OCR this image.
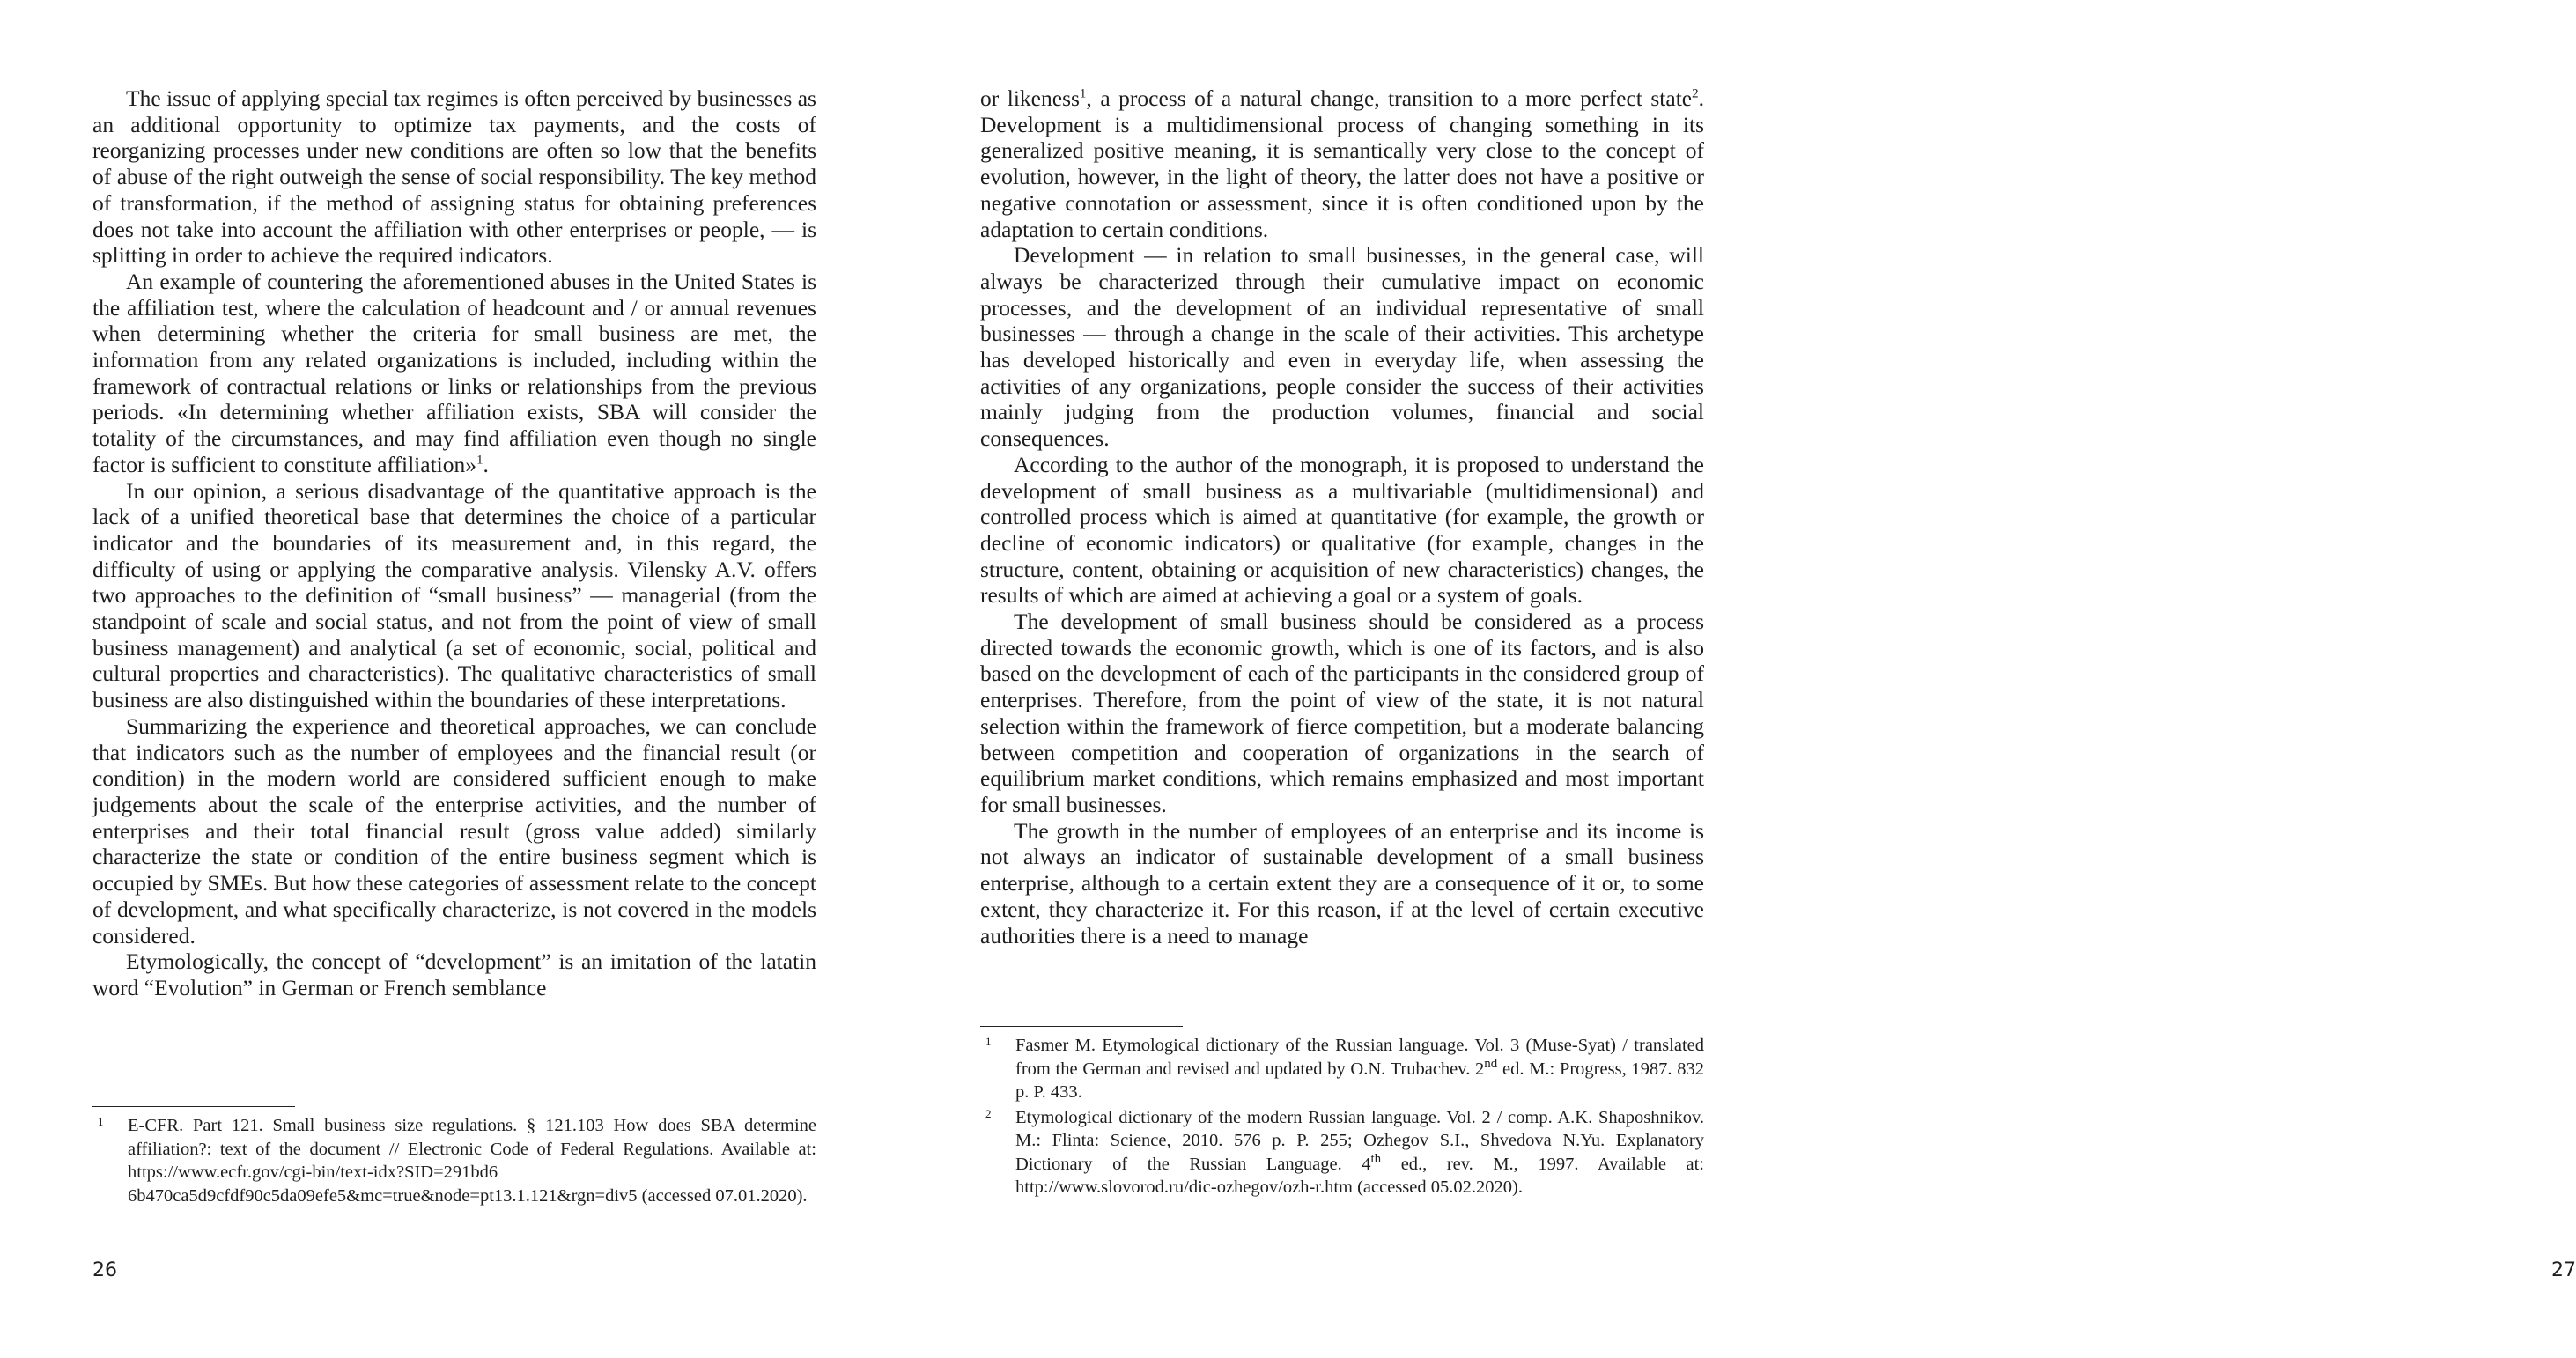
The issue of applying special tax regimes is often perceived by businesses as an additional opportunity to optimize tax payments, and the costs of reorganizing processes under new conditions are often so low that the benefits of abuse of the right outweigh the sense of social responsibility. The key method of transformation, if the method of assigning status for obtaining preferences does not take into account the affiliation with other enterprises or people, — is splitting in order to achieve the required indicators.

An example of countering the aforementioned abuses in the United States is the affiliation test, where the calculation of headcount and / or annual revenues when determining whether the criteria for small business are met, the information from any related organizations is included, including within the framework of contractual relations or links or relationships from the previous periods. «In determining whether affiliation exists, SBA will consider the totality of the circumstances, and may find affiliation even though no single factor is sufficient to constitute affiliation»$^1$.

In our opinion, a serious disadvantage of the quantitative approach is the lack of a unified theoretical base that determines the choice of a particular indicator and the boundaries of its measurement and, in this regard, the difficulty of using or applying the comparative analysis. Vilensky A.V. offers two approaches to the definition of “small business” — managerial (from the standpoint of scale and social status, and not from the point of view of small business management) and analytical (a set of economic, social, political and cultural properties and characteristics). The qualitative characteristics of small business are also distinguished within the boundaries of these interpretations.

Summarizing the experience and theoretical approaches, we can conclude that indicators such as the number of employees and the financial result (or condition) in the modern world are considered sufficient enough to make judgements about the scale of the enterprise activities, and the number of enterprises and their total financial result (gross value added) similarly characterize the state or condition of the entire business segment which is occupied by SMEs. But how these categories of assessment relate to the concept of development, and what specifically characterize, is not covered in the models considered.

Etymologically, the concept of “development” is an imitation of the latatin word “Evolution” in German or French semblance

1 E-CFR. Part 121. Small business size regulations. § 121.103 How does SBA determine affiliation?: text of the document // Electronic Code of Federal Regulations. Available at: https://www.ecfr.gov/cgi-bin/text-idx?SID=291bd6 6b470ca5d9cfdf90c5da09efe5&mc=true&node=pt13.1.121&rgn=div5 (accessed 07.01.2020).
26

or likeness$^1$, a process of a natural change, transition to a more perfect state$^2$. Development is a multidimensional process of changing something in its generalized positive meaning, it is semantically very close to the concept of evolution, however, in the light of theory, the latter does not have a positive or negative connotation or assessment, since it is often conditioned upon by the adaptation to certain conditions.

Development — in relation to small businesses, in the general case, will always be characterized through their cumulative impact on economic processes, and the development of an individual representative of small businesses — through a change in the scale of their activities. This archetype has developed historically and even in everyday life, when assessing the activities of any organizations, people consider the success of their activities mainly judging from the production volumes, financial and social consequences.

According to the author of the monograph, it is proposed to understand the development of small business as a multivariable (multidimensional) and controlled process which is aimed at quantitative (for example, the growth or decline of economic indicators) or qualitative (for example, changes in the structure, content, obtaining or acquisition of new characteristics) changes, the results of which are aimed at achieving a goal or a system of goals.

The development of small business should be considered as a process directed towards the economic growth, which is one of its factors, and is also based on the development of each of the participants in the considered group of enterprises. Therefore, from the point of view of the state, it is not natural selection within the framework of fierce competition, but a moderate balancing between competition and cooperation of organizations in the search of equilibrium market conditions, which remains emphasized and most important for small businesses.

The growth in the number of employees of an enterprise and its income is not always an indicator of sustainable development of a small business enterprise, although to a certain extent they are a consequence of it or, to some extent, they characterize it. For this reason, if at the level of certain executive authorities there is a need to manage

1 Fasmer M. Etymological dictionary of the Russian language. Vol. 3 (Muse-Syat) / translated from the German and revised and updated by O.N. Trubachev. 2nd ed. M.: Progress, 1987. 832 p. P. 433.
2 Etymological dictionary of the modern Russian language. Vol. 2 / comp. A.K. Shaposhnikov. M.: Flinta: Science, 2010. 576 p. P. 255; Ozhegov S.I., Shvedova N.Yu. Explanatory Dictionary of the Russian Language. 4th ed., rev. M., 1997. Available at: http://www.slovorod.ru/dic-ozhegov/ozh-r.htm (accessed 05.02.2020).
27
